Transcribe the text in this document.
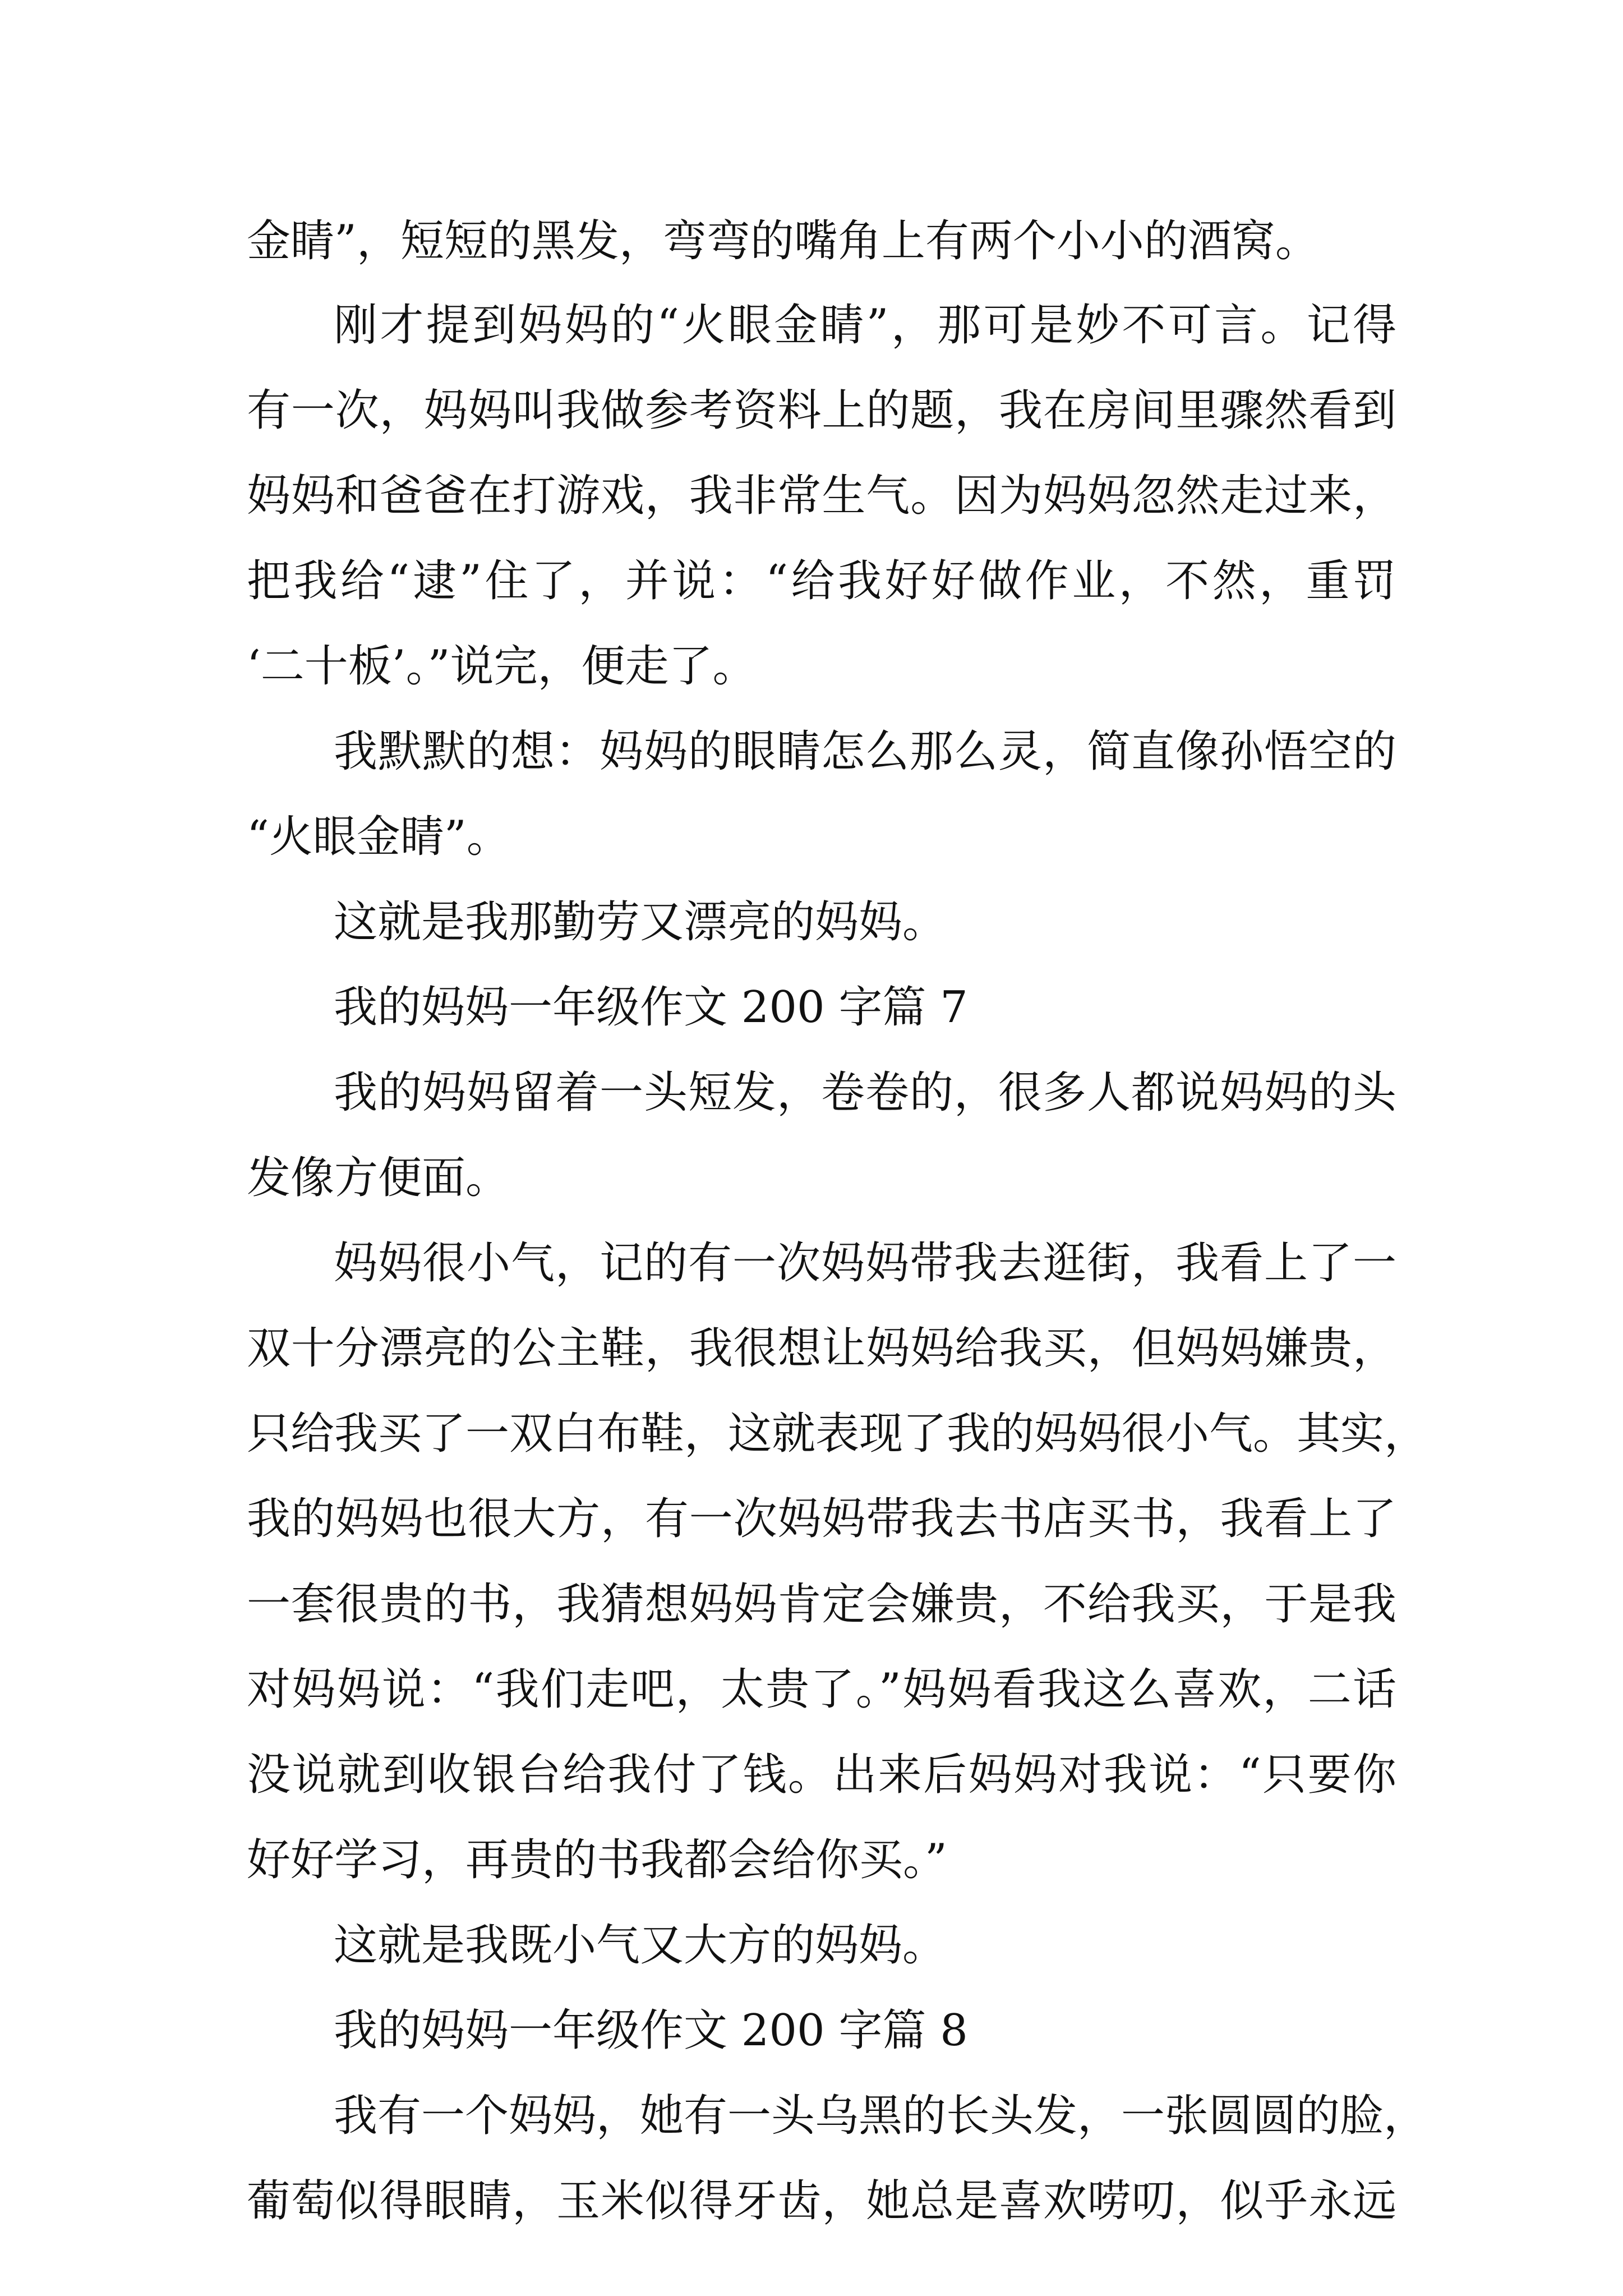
金睛”，短短的黑发，弯弯的嘴角上有两个小小的酒窝。
刚才提到妈妈的“火眼金睛”，那可是妙不可言。记得
有一次，妈妈叫我做参考资料上的题，我在房间里骤然看到
妈妈和爸爸在打游戏，我非常生气。因为妈妈忽然走过来，
把我给“逮”住了，并说：“给我好好做作业，不然，重罚
‘二十板’。”说完，便走了。
我默默的想：妈妈的眼睛怎么那么灵，简直像孙悟空的
“火眼金睛”。
这就是我那勤劳又漂亮的妈妈。
我的妈妈一年级作文 200 字篇 7
我的妈妈留着一头短发，卷卷的，很多人都说妈妈的头
发像方便面。
妈妈很小气，记的有一次妈妈带我去逛街，我看上了一
双十分漂亮的公主鞋，我很想让妈妈给我买，但妈妈嫌贵，
只给我买了一双白布鞋，这就表现了我的妈妈很小气。其实，
我的妈妈也很大方，有一次妈妈带我去书店买书，我看上了
一套很贵的书，我猜想妈妈肯定会嫌贵，不给我买，于是我
对妈妈说：“我们走吧，太贵了。”妈妈看我这么喜欢，二话
没说就到收银台给我付了钱。出来后妈妈对我说：“只要你
好好学习，再贵的书我都会给你买。”
这就是我既小气又大方的妈妈。
我的妈妈一年级作文 200 字篇 8
我有一个妈妈，她有一头乌黑的长头发，一张圆圆的脸，
葡萄似得眼睛，玉米似得牙齿，她总是喜欢唠叨，似乎永远
